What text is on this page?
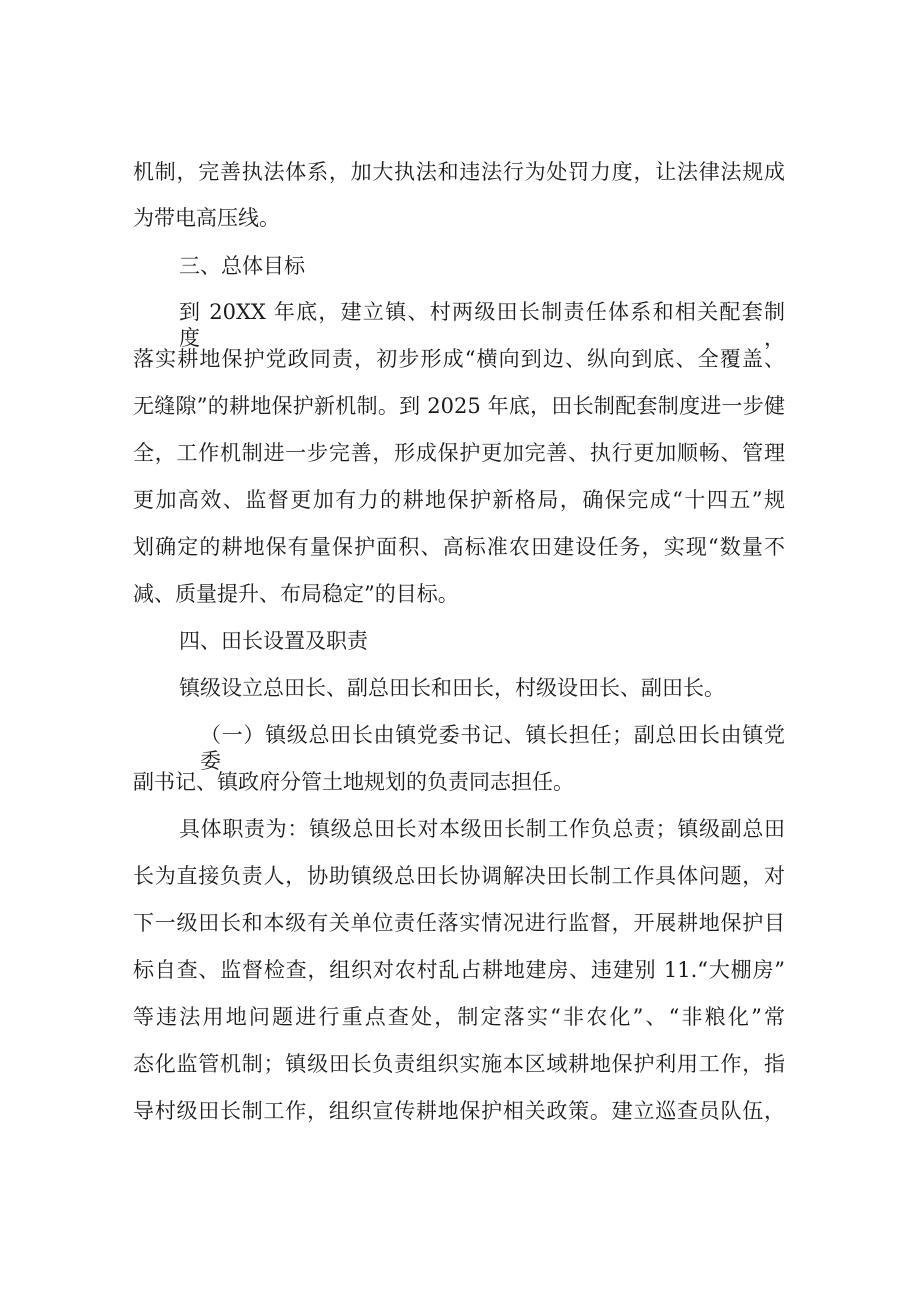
机制，完善执法体系，加大执法和违法行为处罚力度，让法律法规成
为带电高压线。
三、总体目标
到 20XX 年底，建立镇、村两级田长制责任体系和相关配套制度，
落实耕地保护党政同责，初步形成“横向到边、纵向到底、全覆盖、
无缝隙”的耕地保护新机制。到 2025 年底，田长制配套制度进一步健
全，工作机制进一步完善，形成保护更加完善、执行更加顺畅、管理
更加高效、监督更加有力的耕地保护新格局，确保完成“十四五”规
划确定的耕地保有量保护面积、高标准农田建设任务，实现“数量不
减、质量提升、布局稳定”的目标。
四、田长设置及职责
镇级设立总田长、副总田长和田长，村级设田长、副田长。
（一）镇级总田长由镇党委书记、镇长担任；副总田长由镇党委
副书记、镇政府分管土地规划的负责同志担任。
具体职责为：镇级总田长对本级田长制工作负总责；镇级副总田
长为直接负责人，协助镇级总田长协调解决田长制工作具体问题，对
下一级田长和本级有关单位责任落实情况进行监督，开展耕地保护目
标自查、监督检查，组织对农村乱占耕地建房、违建别 11.“大棚房”
等违法用地问题进行重点查处，制定落实“非农化”、“非粮化”常
态化监管机制；镇级田长负责组织实施本区域耕地保护利用工作，指
导村级田长制工作，组织宣传耕地保护相关政策。建立巡查员队伍，
